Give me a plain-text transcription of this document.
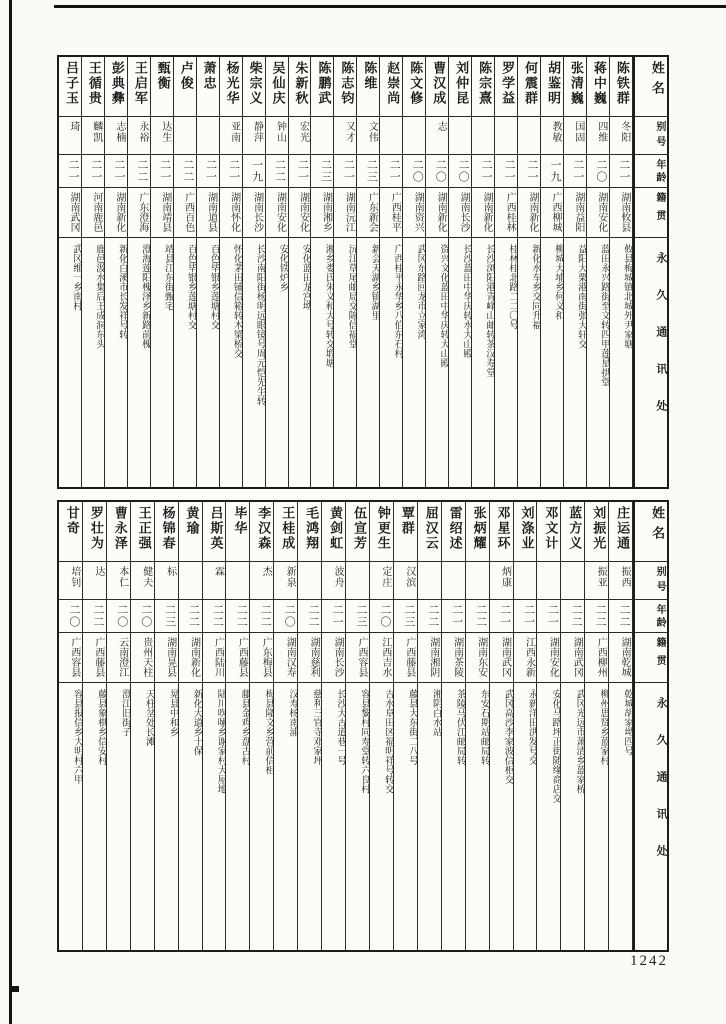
吕子玉
琦
二一
湖南武冈
武冈维一乡南村
王循贵
麟凯
二一
河南鹿邑
鹿邑汲水集后王成洞东头
彭典彝
志楠
二一
湖南新化
新化白溪市长发祥号转
王启军
永裕
二二
广东澄海
澄海莲阳槐泽乡新路前槐
甄衡
达生
二一
湖南靖县
靖县江东街甄宅
卢俊
二二
广西百色
百色毕银乡莲塘村交
萧忠
二一
湖南道县
百色毕银乡莲塘村交
杨光华
亚南
二一
湖南怀化
怀化茅田铺信箱转木梁桥交
柴宗义
静萍
一九
湖南长沙
长沙南阳街杨明远眼镜号周元恺先生转
吴仙庆
钟山
二二
湖南安化
安化铁炉乡
朱新秋
宏光
二一
湖南安化
安化蓝田龙宫坳
陈鹏武
二三
湖南湘乡
湘乡娄氏朱义和大号转交塅塘
陈志钧
又才
二一
湖南沅江
沅江草尾邮局交陈信福堂
陈维
文伟
二三
广东新会
新会天湖乡镇湖里
赵崇尚
二一
广西桂平
广西桂平永华乡八伯东石村
陈文修
二〇
湖南资兴
武冈东路回龙市立家湾
曹汉成
志
二〇
湖南新化
资兴文化蓝田中华庆转大山殿
刘仲昆
二〇
湖南长沙
长沙蓝田中华庆转水大山殿
陈宗熹
二一
湖南新化
长沙浏阳港青峰山邮转茶汉寿堂
罗学益
二一
广西桂林
桂林桂北路二二〇号
何震群
二一
湖南新化
新化水车乡交同升福
胡鉴明
教敏
一九
广西柳城
柳城大埔乡何义和
张清巍
国固
二一
湖南益阳
益阳大栗港南街张大轩交
蒋中巍
四维
二〇
湖南安化
蓝田永兴路街至文转四甲莲星拱堂
陈铁群
冬阳
二一
湖南攸县
攸县梅城镇北城外尹家塘
姓名
别号
年龄
籍贯
永久通讯处
甘奇
培钊
二〇
广西容县
容县报信乡大明村六甲
罗壮为
达
二二
广西藤县
藤县象棋乡信安村
曹永泽
本仁
二〇
云南澄江
澄江旧街子
王正强
健夫
二〇
贵州天柱
天柱坌处长滩
杨锦春
标
二三
湖南晃县
晃县中和乡
黄瑜
二二
湖南新化
新化大道乡十保
吕斯英
霖
二二
广西陆川
陆川吹嗦乡谢家村大屋地
毕华
二二
广西藤县
藤县金鸡乡盘古村
李汉森
杰
二二
广东梅县
梅县隆文乡营前信柜
王桂成
新泉
二〇
湖南汉寿
汉寿杨南浦
毛鸿翔
二二
湖南慈利
慈利三官寺邓家坪
黄剑虹
波舟
二一
湖南长沙
长沙大古道巷一号
伍宣芳
二三
广西容县
容县黎村同寿堂转六良村
钟更生
定庄
二〇
江西吉水
吉水阜田区福明祥号转交
覃群
汉滨
二三
广西藤县
藤县大东街二八号
屈汉云
二二
湖南湘阴
湘阴白水站
雷绍述
二一
湖南茶陵
茶陵马伏江邮局转
张炳耀
二二
湖南东安
东安石期站邮局转
邓星环
炳康
二一
湖南武冈
武冈高沙李家波信柜交
刘涤业
二一
江西永新
永新洋田洪发号交
邓文计
二一
湖南安化
安化马路坪正街随缘商店交
蓝方义
二二
湖南武冈
武冈光远市萧清乡蓝家桥
刘振光
振亚
二二
广西柳州
柳州思贤乡蓝家村
庄运通
振西
二二
湖南乾城
乾城胡家坳四号
姓名
别号
年龄
籍贯
永久通讯处
1242
